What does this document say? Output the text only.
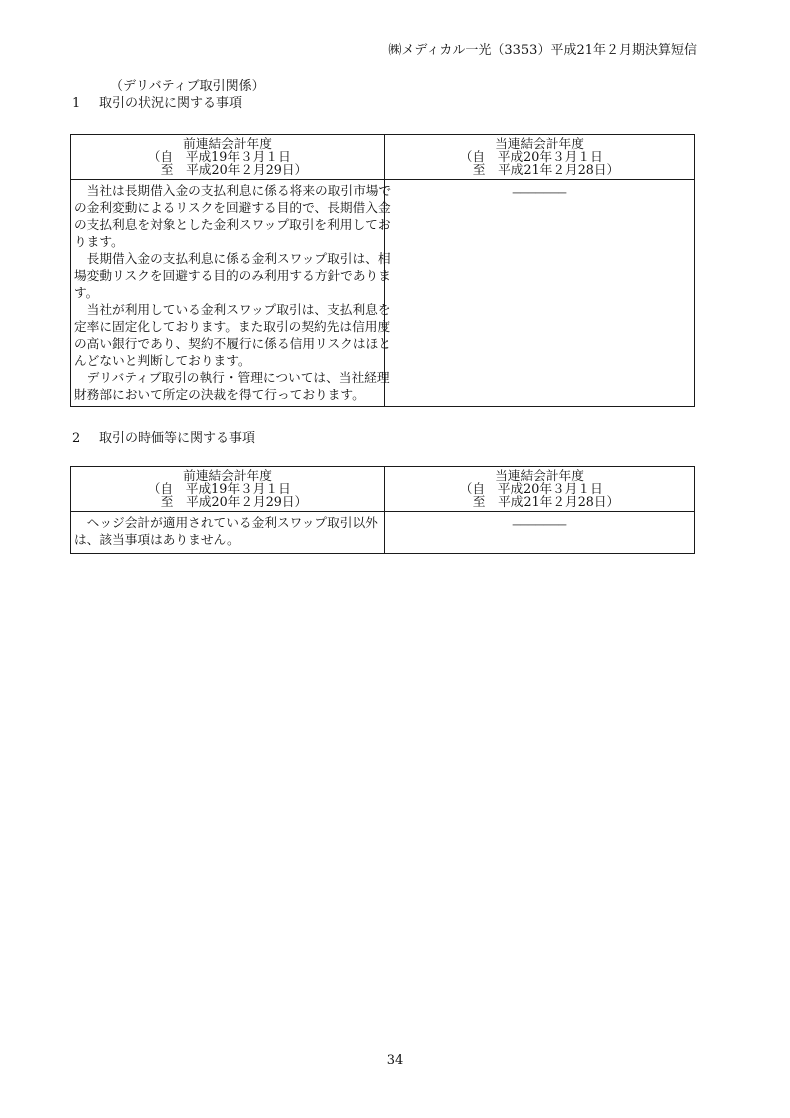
㈱メディカル一光（3353）平成21年２月期決算短信
（デリバティブ取引関係）
1 取引の状況に関する事項
前連結会計年度
（自　平成19年３月１日
至　平成20年２月29日）
当連結会計年度
（自　平成20年３月１日
至　平成21年２月28日）
　当社は長期借入金の支払利息に係る将来の取引市場で
の金利変動によるリスクを回避する目的で、長期借入金
の支払利息を対象とした金利スワップ取引を利用してお
ります。
　長期借入金の支払利息に係る金利スワップ取引は、相
場変動リスクを回避する目的のみ利用する方針でありま
す。
　当社が利用している金利スワップ取引は、支払利息を
定率に固定化しております。また取引の契約先は信用度
の高い銀行であり、契約不履行に係る信用リスクはほと
んどないと判断しております。
　デリバティブ取引の執行・管理については、当社経理
財務部において所定の決裁を得て行っております。
───────
2 取引の時価等に関する事項
前連結会計年度
（自　平成19年３月１日
至　平成20年２月29日）
当連結会計年度
（自　平成20年３月１日
至　平成21年２月28日）
　ヘッジ会計が適用されている金利スワップ取引以外
は、該当事項はありません。
───────
34
